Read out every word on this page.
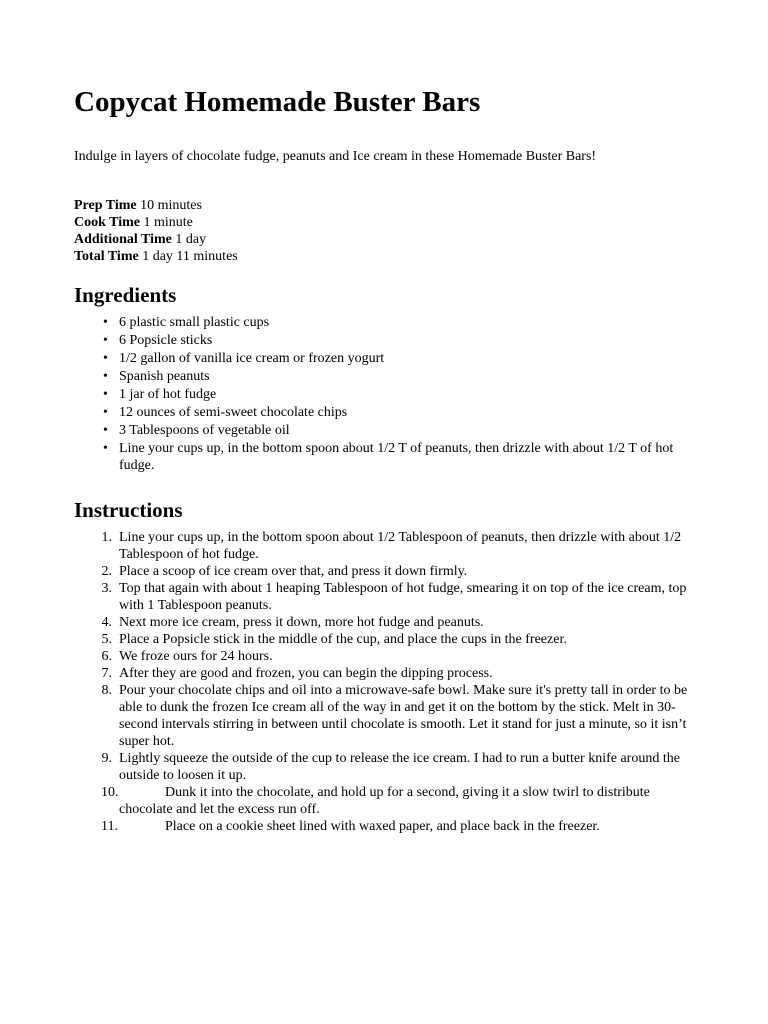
Copycat Homemade Buster Bars

Indulge in layers of chocolate fudge, peanuts and Ice cream in these Homemade Buster Bars!

Prep Time 10 minutes
Cook Time 1 minute
Additional Time 1 day
Total Time 1 day 11 minutes
Ingredients
• 6 plastic small plastic cups
• 6 Popsicle sticks
• 1/2 gallon of vanilla ice cream or frozen yogurt
• Spanish peanuts
• 1 jar of hot fudge
• 12 ounces of semi-sweet chocolate chips
• 3 Tablespoons of vegetable oil
• Line your cups up, in the bottom spoon about 1/2 T of peanuts, then drizzle with about 1/2 T of hot fudge.
Instructions
1. Line your cups up, in the bottom spoon about 1/2 Tablespoon of peanuts, then drizzle with about 1/2 Tablespoon of hot fudge.
2. Place a scoop of ice cream over that, and press it down firmly.
3. Top that again with about 1 heaping Tablespoon of hot fudge, smearing it on top of the ice cream, top with 1 Tablespoon peanuts.
4. Next more ice cream, press it down, more hot fudge and peanuts.
5. Place a Popsicle stick in the middle of the cup, and place the cups in the freezer.
6. We froze ours for 24 hours.
7. After they are good and frozen, you can begin the dipping process.
8. Pour your chocolate chips and oil into a microwave-safe bowl. Make sure it's pretty tall in order to be able to dunk the frozen Ice cream all of the way in and get it on the bottom by the stick. Melt in 30-second intervals stirring in between until chocolate is smooth. Let it stand for just a minute, so it isn’t super hot.
9. Lightly squeeze the outside of the cup to release the ice cream. I had to run a butter knife around the outside to loosen it up.
10.	Dunk it into the chocolate, and hold up for a second, giving it a slow twirl to distribute chocolate and let the excess run off.
11.	Place on a cookie sheet lined with waxed paper, and place back in the freezer.
